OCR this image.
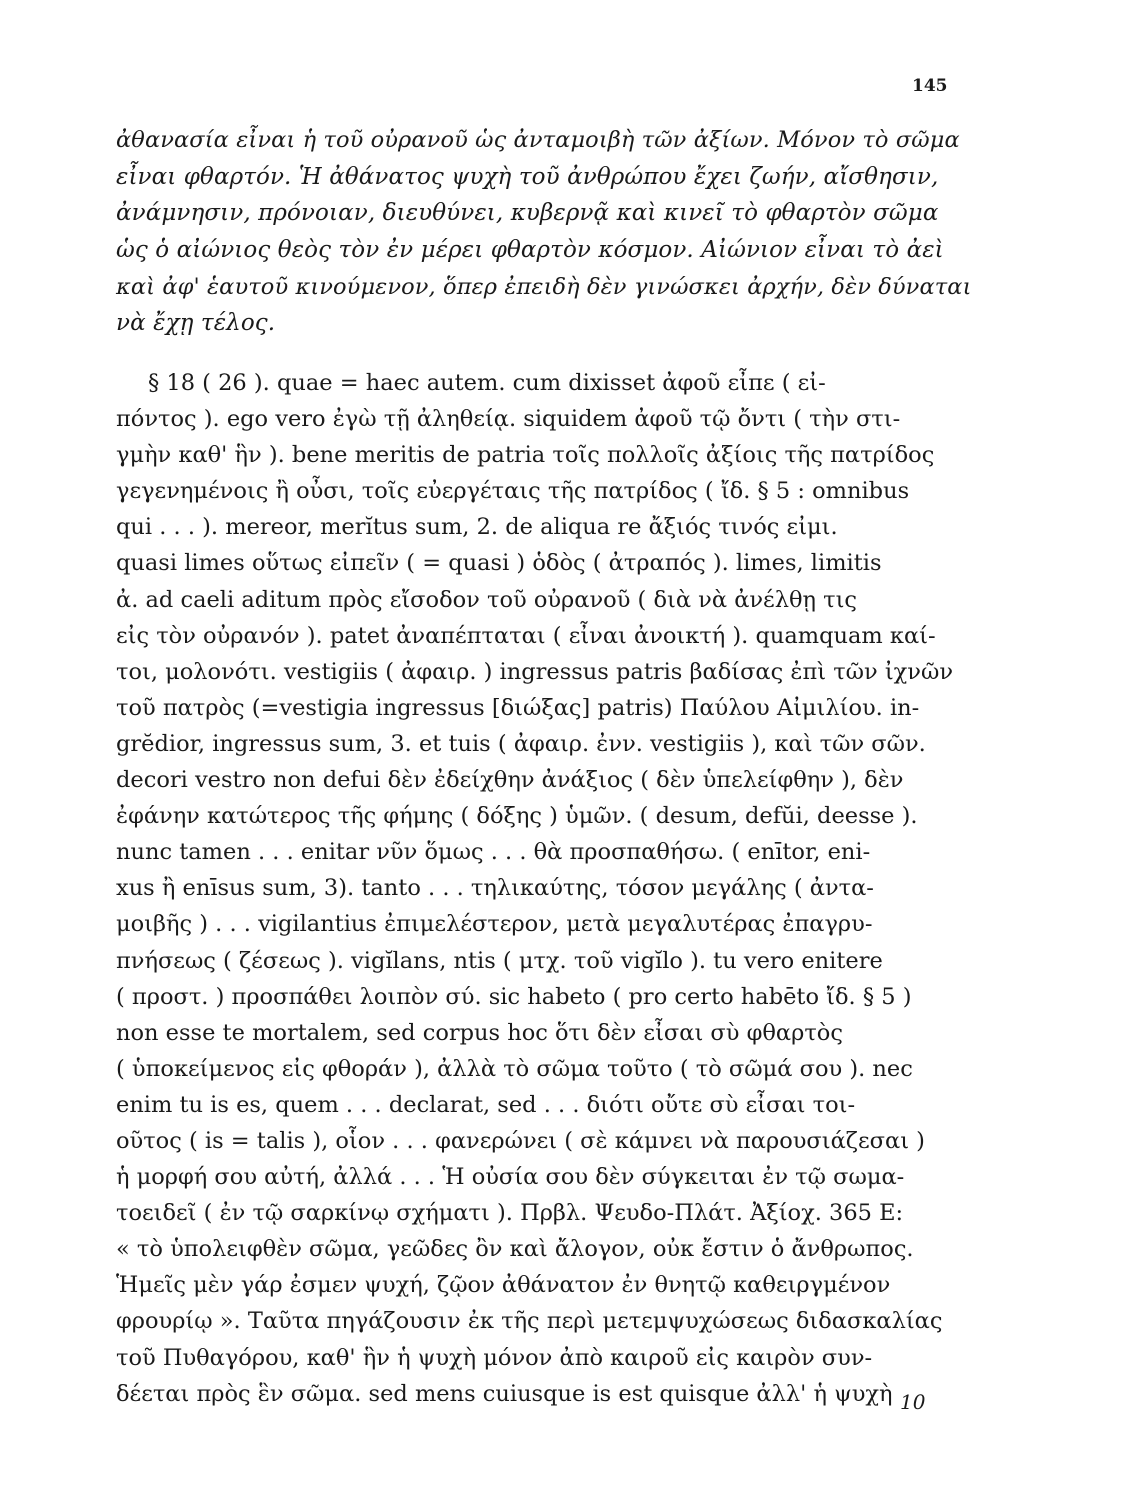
145
ἀθανασία εἶναι ἡ τοῦ οὐρανοῦ ὡς ἀνταμοιβὴ τῶν ἀξίων. Μόνον τὸ σῶμα
εἶναι φθαρτόν. Ἡ ἀθάνατος ψυχὴ τοῦ ἀνθρώπου ἔχει ζωήν, αἴσθησιν,
ἀνάμνησιν, πρόνοιαν, διευθύνει, κυβερνᾷ καὶ κινεῖ τὸ φθαρτὸν σῶμα
ὡς ὁ αἰώνιος θεὸς τὸν ἐν μέρει φθαρτὸν κόσμον. Αἰώνιον εἶναι τὸ ἀεὶ
καὶ ἀφ' ἑαυτοῦ κινούμενον, ὅπερ ἐπειδὴ δὲν γινώσκει ἀρχήν, δὲν δύναται
νὰ ἔχῃ τέλος.
§ 18 ( 26 ). quae = haec autem. cum dixisset ἀφοῦ εἶπε ( εἰ-
πόντος ). ego vero ἐγὼ τῇ ἀληθείᾳ. siquidem ἀφοῦ τῷ ὄντι ( τὴν στι-
γμὴν καθ' ἣν ). bene meritis de patria τοῖς πολλοῖς ἀξίοις τῆς πατρίδος
γεγενημένοις ἢ οὖσι, τοῖς εὐεργέταις τῆς πατρίδος ( ἴδ. § 5 : omnibus
qui . . . ). mereor, merĭtus sum, 2. de aliqua re ἄξιός τινός εἰμι.
quasi limes οὕτως εἰπεῖν ( = quasi ) ὁδὸς ( ἀτραπός ). limes, limitis
ἀ. ad caeli aditum πρὸς εἴσοδον τοῦ οὐρανοῦ ( διὰ νὰ ἀνέλθῃ τις
εἰς τὸν οὐρανόν ). patet ἀναπέπταται ( εἶναι ἀνοικτή ). quamquam καί-
τοι, μολονότι. vestigiis ( ἀφαιρ. ) ingressus patris βαδίσας ἐπὶ τῶν ἰχνῶν
τοῦ πατρὸς (=vestigia ingressus [διώξας] patris) Παύλου Αἰμιλίου. in-
grĕdior, ingressus sum, 3. et tuis ( ἀφαιρ. ἐνν. vestigiis ), καὶ τῶν σῶν.
decori vestro non defui δὲν ἐδείχθην ἀνάξιος ( δὲν ὑπελείφθην ), δὲν
ἐφάνην κατώτερος τῆς φήμης ( δόξης ) ὑμῶν. ( desum, defŭi, deesse ).
nunc tamen . . . enitar νῦν ὅμως . . . θὰ προσπαθήσω. ( enītor, eni-
xus ἢ enīsus sum, 3). tanto . . . τηλικαύτης, τόσον μεγάλης ( ἀντα-
μοιβῆς ) . . . vigilantius ἐπιμελέστερον, μετὰ μεγαλυτέρας ἐπαγρυ-
πνήσεως ( ζέσεως ). vigĭlans, ntis ( μτχ. τοῦ vigĭlo ). tu vero enitere
( προστ. ) προσπάθει λοιπὸν σύ. sic habeto ( pro certo habēto ἴδ. § 5 )
non esse te mortalem, sed corpus hoc ὅτι δὲν εἶσαι σὺ φθαρτὸς
( ὑποκείμενος εἰς φθοράν ), ἀλλὰ τὸ σῶμα τοῦτο ( τὸ σῶμά σου ). nec
enim tu is es, quem . . . declarat, sed . . . διότι οὔτε σὺ εἶσαι τοι-
οῦτος ( is = talis ), οἷον . . . φανερώνει ( σὲ κάμνει νὰ παρουσιάζεσαι )
ἡ μορφή σου αὐτή, ἀλλά . . . Ἡ οὐσία σου δὲν σύγκειται ἐν τῷ σωμα-
τοειδεῖ ( ἐν τῷ σαρκίνῳ σχήματι ). Πρβλ. Ψευδο-Πλάτ. Ἀξίοχ. 365 Ε:
« τὸ ὑπολειφθὲν σῶμα, γεῶδες ὂν καὶ ἄλογον, οὐκ ἔστιν ὁ ἄνθρωπος.
Ἡμεῖς μὲν γάρ ἐσμεν ψυχή, ζῷον ἀθάνατον ἐν θνητῷ καθειργμένον
φρουρίῳ ». Ταῦτα πηγάζουσιν ἐκ τῆς περὶ μετεμψυχώσεως διδασκαλίας
τοῦ Πυθαγόρου, καθ' ἣν ἡ ψυχὴ μόνον ἀπὸ καιροῦ εἰς καιρὸν συν-
δέεται πρὸς ἓν σῶμα. sed mens cuiusque is est quisque ἀλλ' ἡ ψυχὴ 10
